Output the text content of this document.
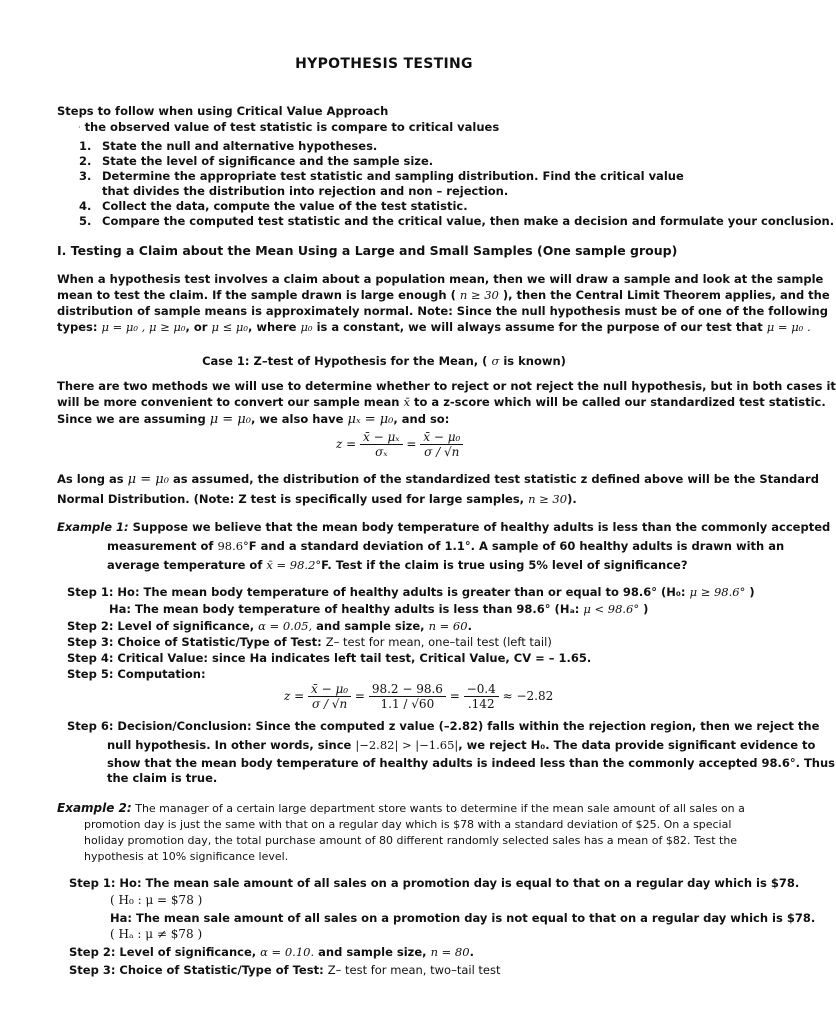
HYPOTHESIS TESTING
Steps to follow when using Critical Value Approach
· the observed value of test statistic is compare to critical values
1. State the null and alternative hypotheses.
2. State the level of significance and the sample size.
3. Determine the appropriate test statistic and sampling distribution. Find the critical value that divides the distribution into rejection and non – rejection.
4. Collect the data, compute the value of the test statistic.
5. Compare the computed test statistic and the critical value, then make a decision and formulate your conclusion.
I. Testing a Claim about the Mean Using a Large and Small Samples (One sample group)
When a hypothesis test involves a claim about a population mean, then we will draw a sample and look at the sample
mean to test the claim. If the sample drawn is large enough ( n ≥ 30 ), then the Central Limit Theorem applies, and the
distribution of sample means is approximately normal. Note: Since the null hypothesis must be of one of the following
types: μ = μ₀ , μ ≥ μ₀, or μ ≤ μ₀, where μ₀ is a constant, we will always assume for the purpose of our test that μ = μ₀ .
Case 1: Z–test of Hypothesis for the Mean, ( σ is known)
There are two methods we will use to determine whether to reject or not reject the null hypothesis, but in both cases it
will be more convenient to convert our sample mean x̄ to a z-score which will be called our standardized test statistic.
Since we are assuming μ = μ₀, we also have μₓ = μ₀, and so:
$z = \frac{\text{x̄ − μₓ}}{\text{σₓ}} = \frac{\text{x̄ − μ₀}}{\sigma / √n}$
As long as μ = μ₀ as assumed, the distribution of the standardized test statistic z defined above will be the Standard
Normal Distribution. (Note: Z test is specifically used for large samples, n ≥ 30).
Example 1: Suppose we believe that the mean body temperature of healthy adults is less than the commonly accepted
measurement of 98.6°F and a standard deviation of 1.1°. A sample of 60 healthy adults is drawn with an
average temperature of x̄ = 98.2°F. Test if the claim is true using 5% level of significance?
Step 1: Ho: The mean body temperature of healthy adults is greater than or equal to 98.6° (H₀: μ ≥ 98.6° )
Ha: The mean body temperature of healthy adults is less than 98.6° (Hₐ: μ < 98.6° )
Step 2: Level of significance, α = 0.05, and sample size, n = 60.
Step 3: Choice of Statistic/Type of Test: Z– test for mean, one–tail test (left tail)
Step 4: Critical Value: since Ha indicates left tail test, Critical Value, CV = – 1.65.
Step 5: Computation:
$z = \frac{\text{x̄ − μ₀}}{\sigma / √n} = \frac{98.2 - 98.6}{1.1 / √60} = \frac{-0.4}{.142} \approx -2.82$
Step 6: Decision/Conclusion: Since the computed z value (–2.82) falls within the rejection region, then we reject the
null hypothesis. In other words, since |−2.82| > |−1.65|, we reject H₀. The data provide significant evidence to
show that the mean body temperature of healthy adults is indeed less than the commonly accepted 98.6°. Thus
the claim is true.
Example 2: The manager of a certain large department store wants to determine if the mean sale amount of all sales on a
promotion day is just the same with that on a regular day which is $78 with a standard deviation of $25. On a special
holiday promotion day, the total purchase amount of 80 different randomly selected sales has a mean of $82. Test the
hypothesis at 10% significance level.
Step 1: Ho: The mean sale amount of all sales on a promotion day is equal to that on a regular day which is $78.
( H₀ : μ = $78 )
Ha: The mean sale amount of all sales on a promotion day is not equal to that on a regular day which is $78.
( Hₐ : μ ≠ $78 )
Step 2: Level of significance, α = 0.10. and sample size, n = 80.
Step 3: Choice of Statistic/Type of Test: Z– test for mean, two–tail test
